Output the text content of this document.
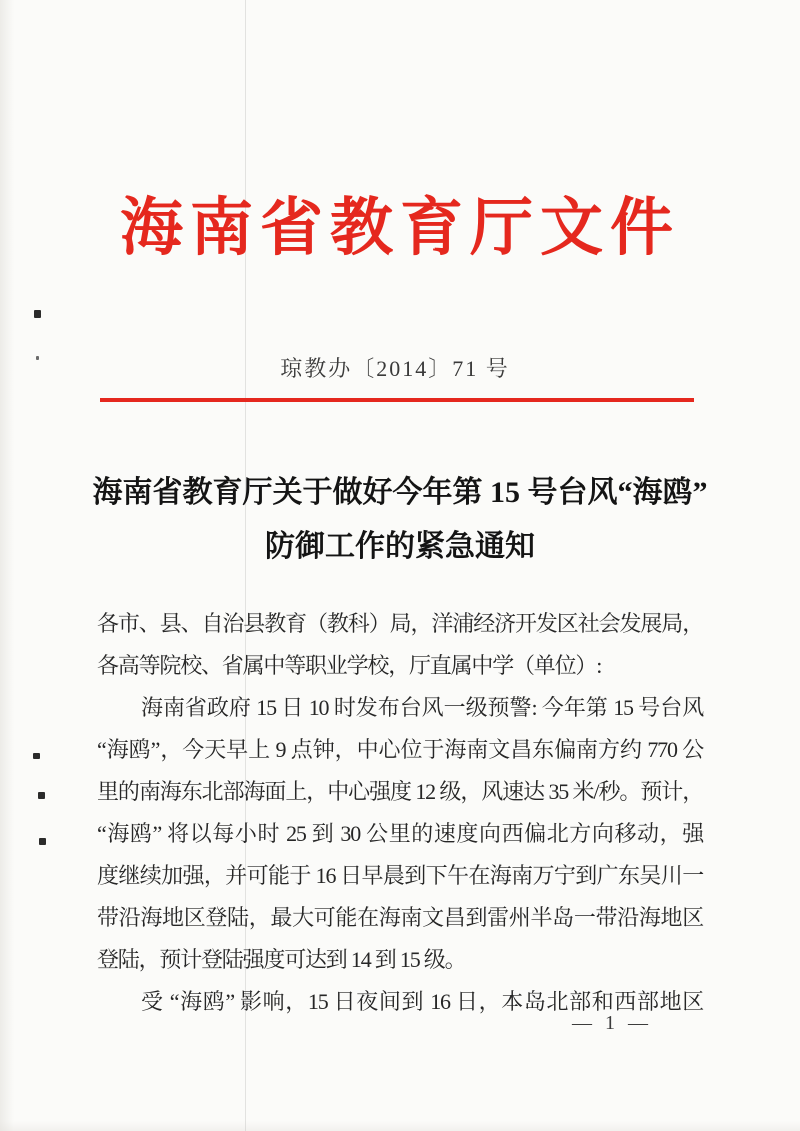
海南省教育厅文件
琼教办〔2014〕71 号
海南省教育厅关于做好今年第 15 号台风“海鸥”
防御工作的紧急通知
各市、县、自治县教育（教科）局，洋浦经济开发区社会发展局，
各高等院校、省属中等职业学校，厅直属中学（单位）:
海南省政府 15 日 10 时发布台风一级预警: 今年第 15 号台风
“海鸥”，今天早上 9 点钟，中心位于海南文昌东偏南方约 770 公
里的南海东北部海面上，中心强度 12 级，风速达 35 米/秒。预计，
“海鸥” 将以每小时 25 到 30 公里的速度向西偏北方向移动，强
度继续加强，并可能于 16 日早晨到下午在海南万宁到广东吴川一
带沿海地区登陆，最大可能在海南文昌到雷州半岛一带沿海地区
登陆，预计登陆强度可达到 14 到 15 级。
受 “海鸥” 影响，15 日夜间到 16 日，本岛北部和西部地区
— 1 —
